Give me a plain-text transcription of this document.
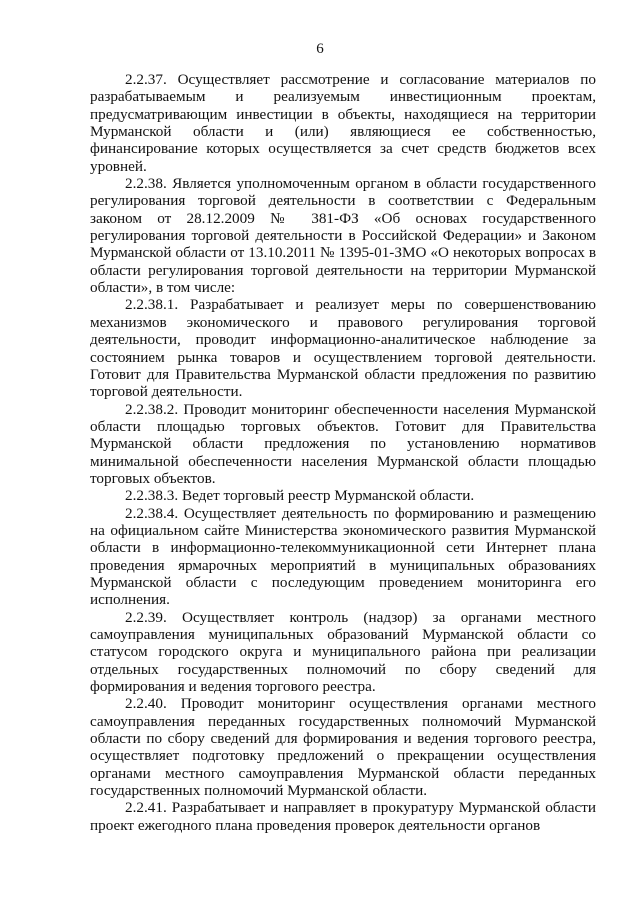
6

2.2.37. Осуществляет рассмотрение и согласование материалов по разрабатываемым и реализуемым инвестиционным проектам, предусматривающим инвестиции в объекты, находящиеся на территории Мурманской области и (или) являющиеся ее собственностью, финансирование которых осуществляется за счет средств бюджетов всех уровней.

2.2.38. Является уполномоченным органом в области государственного регулирования торговой деятельности в соответствии с Федеральным законом от 28.12.2009 № 381-ФЗ «Об основах государственного регулирования торговой деятельности в Российской Федерации» и Законом Мурманской области от 13.10.2011 № 1395-01-ЗМО «О некоторых вопросах в области регулирования торговой деятельности на территории Мурманской области», в том числе:

2.2.38.1. Разрабатывает и реализует меры по совершенствованию механизмов экономического и правового регулирования торговой деятельности, проводит информационно-аналитическое наблюдение за состоянием рынка товаров и осуществлением торговой деятельности. Готовит для Правительства Мурманской области предложения по развитию торговой деятельности.

2.2.38.2. Проводит мониторинг обеспеченности населения Мурманской области площадью торговых объектов. Готовит для Правительства Мурманской области предложения по установлению нормативов минимальной обеспеченности населения Мурманской области площадью торговых объектов.

2.2.38.3. Ведет торговый реестр Мурманской области.

2.2.38.4. Осуществляет деятельность по формированию и размещению на официальном сайте Министерства экономического развития Мурманской области в информационно-телекоммуникационной сети Интернет плана проведения ярмарочных мероприятий в муниципальных образованиях Мурманской области с последующим проведением мониторинга его исполнения.

2.2.39. Осуществляет контроль (надзор) за органами местного самоуправления муниципальных образований Мурманской области со статусом городского округа и муниципального района при реализации отдельных государственных полномочий по сбору сведений для формирования и ведения торгового реестра.

2.2.40. Проводит мониторинг осуществления органами местного самоуправления переданных государственных полномочий Мурманской области по сбору сведений для формирования и ведения торгового реестра, осуществляет подготовку предложений о прекращении осуществления органами местного самоуправления Мурманской области переданных государственных полномочий Мурманской области.

2.2.41. Разрабатывает и направляет в прокуратуру Мурманской области проект ежегодного плана проведения проверок деятельности органов
